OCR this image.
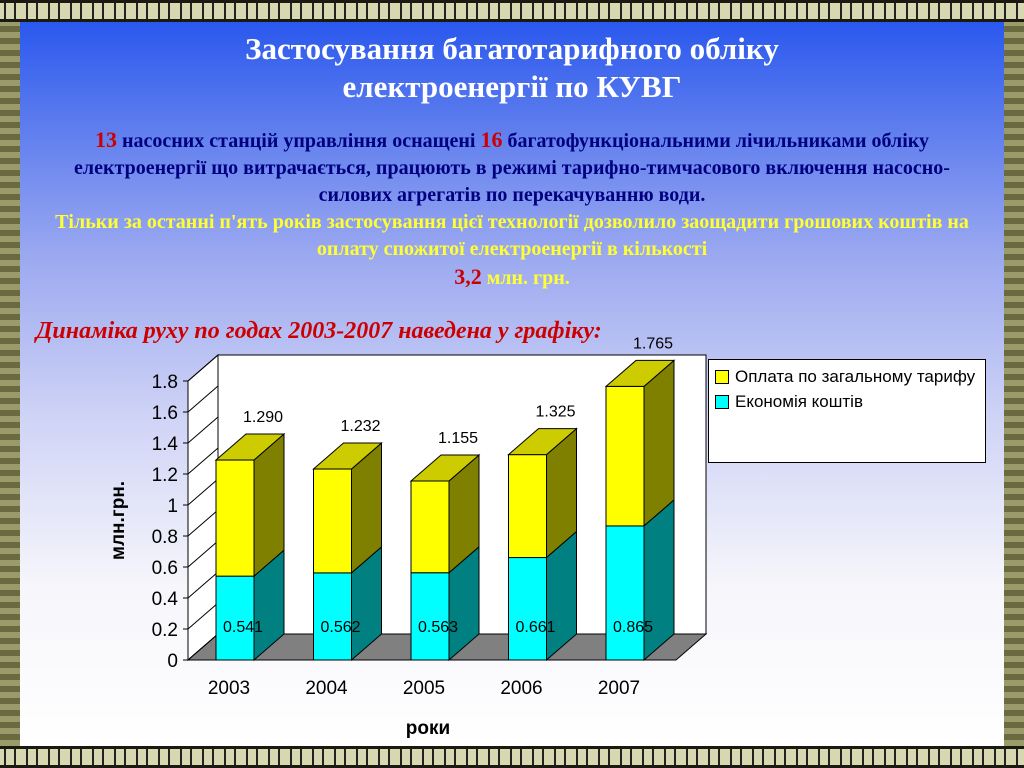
Застосування багатотарифного обліку
електроенергії по КУВГ
13 насосних станцій управління оснащені 16 багатофункціональними лічильниками обліку електроенергії що витрачається, працюють в режимі тарифно-тимчасового включення насосно-силових агрегатів по перекачуванню води.
Тільки за останні п'ять років застосування цієї технології дозволило заощадити грошових коштів на оплату спожитої електроенергії в кількості
3,2 млн. грн.
Динаміка руху по годах 2003-2007 наведена у графіку:
0
0.2
0.4
0.6
0.8
1
1.2
1.4
1.6
1.8
млн.грн.
0.541
1.290
2003
0.562
1.232
2004
0.563
1.155
2005
0.661
1.325
2006
0.865
1.765
2007
роки
Оплата по загальному тарифу
Економія коштів
